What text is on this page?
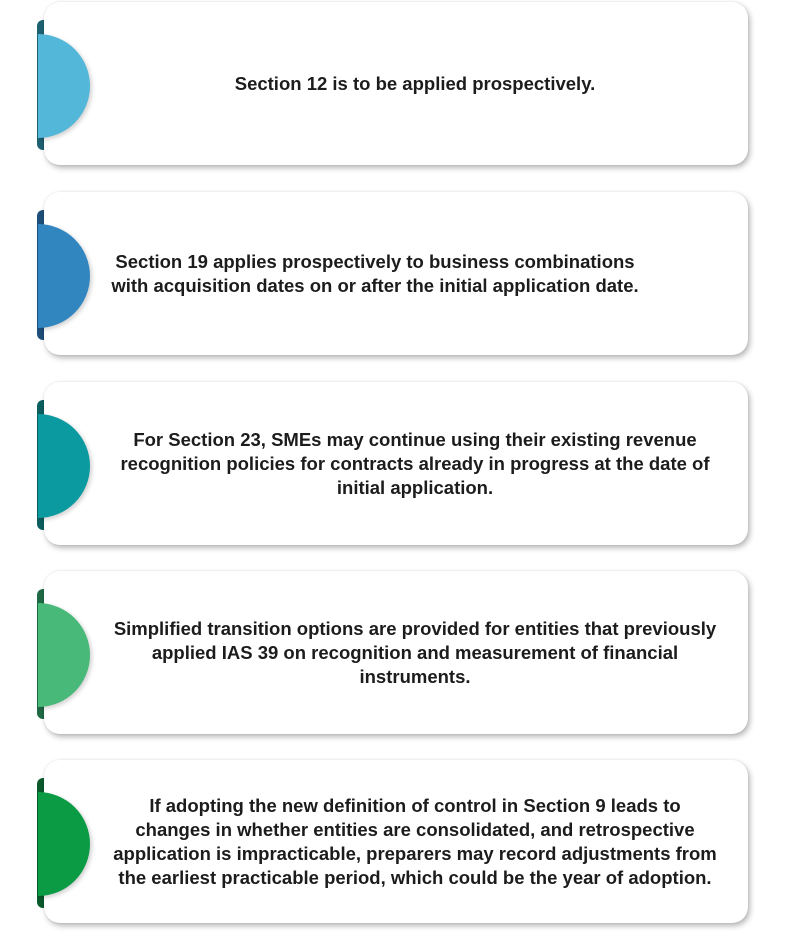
Section 12 is to be applied prospectively.
Section 19 applies prospectively to business combinations with acquisition dates on or after the initial application date.
For Section 23, SMEs may continue using their existing revenue recognition policies for contracts already in progress at the date of initial application.
Simplified transition options are provided for entities that previously applied IAS 39 on recognition and measurement of financial instruments.
If adopting the new definition of control in Section 9 leads to changes in whether entities are consolidated, and retrospective application is impracticable, preparers may record adjustments from the earliest practicable period, which could be the year of adoption.
